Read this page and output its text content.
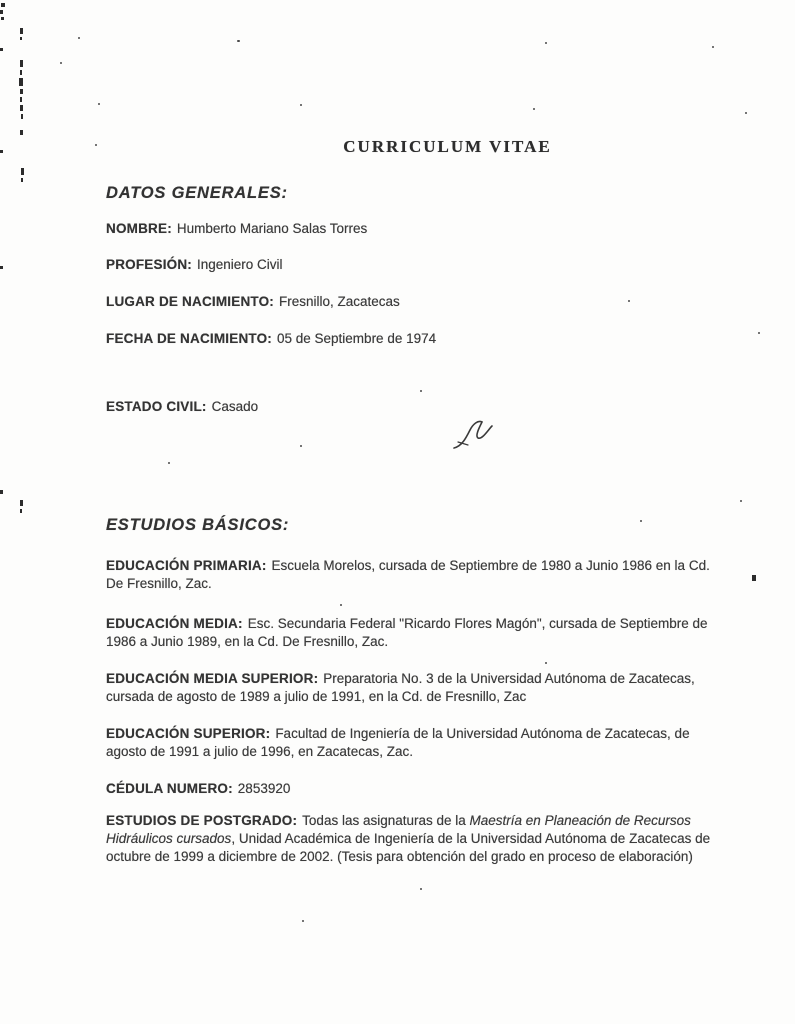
CURRICULUM VITAE
DATOS GENERALES:
NOMBRE: Humberto Mariano Salas Torres
PROFESIÓN: Ingeniero Civil
LUGAR DE NACIMIENTO: Fresnillo, Zacatecas
FECHA DE NACIMIENTO: 05 de Septiembre de 1974
ESTADO CIVIL: Casado
ESTUDIOS BÁSICOS:

EDUCACIÓN PRIMARIA: Escuela Morelos, cursada de Septiembre de 1980 a Junio 1986 en la Cd. De Fresnillo, Zac.

EDUCACIÓN MEDIA: Esc. Secundaria Federal "Ricardo Flores Magón", cursada de Septiembre de 1986 a Junio 1989, en la Cd. De Fresnillo, Zac.

EDUCACIÓN MEDIA SUPERIOR: Preparatoria No. 3 de la Universidad Autónoma de Zacatecas, cursada de agosto de 1989 a julio de 1991, en la Cd. de Fresnillo, Zac

EDUCACIÓN SUPERIOR: Facultad de Ingeniería de la Universidad Autónoma de Zacatecas, de agosto de 1991 a julio de 1996, en Zacatecas, Zac.

CÉDULA NUMERO: 2853920

ESTUDIOS DE POSTGRADO: Todas las asignaturas de la Maestría en Planeación de Recursos Hidráulicos cursados, Unidad Académica de Ingeniería de la Universidad Autónoma de Zacatecas de octubre de 1999 a diciembre de 2002. (Tesis para obtención del grado en proceso de elaboración)
